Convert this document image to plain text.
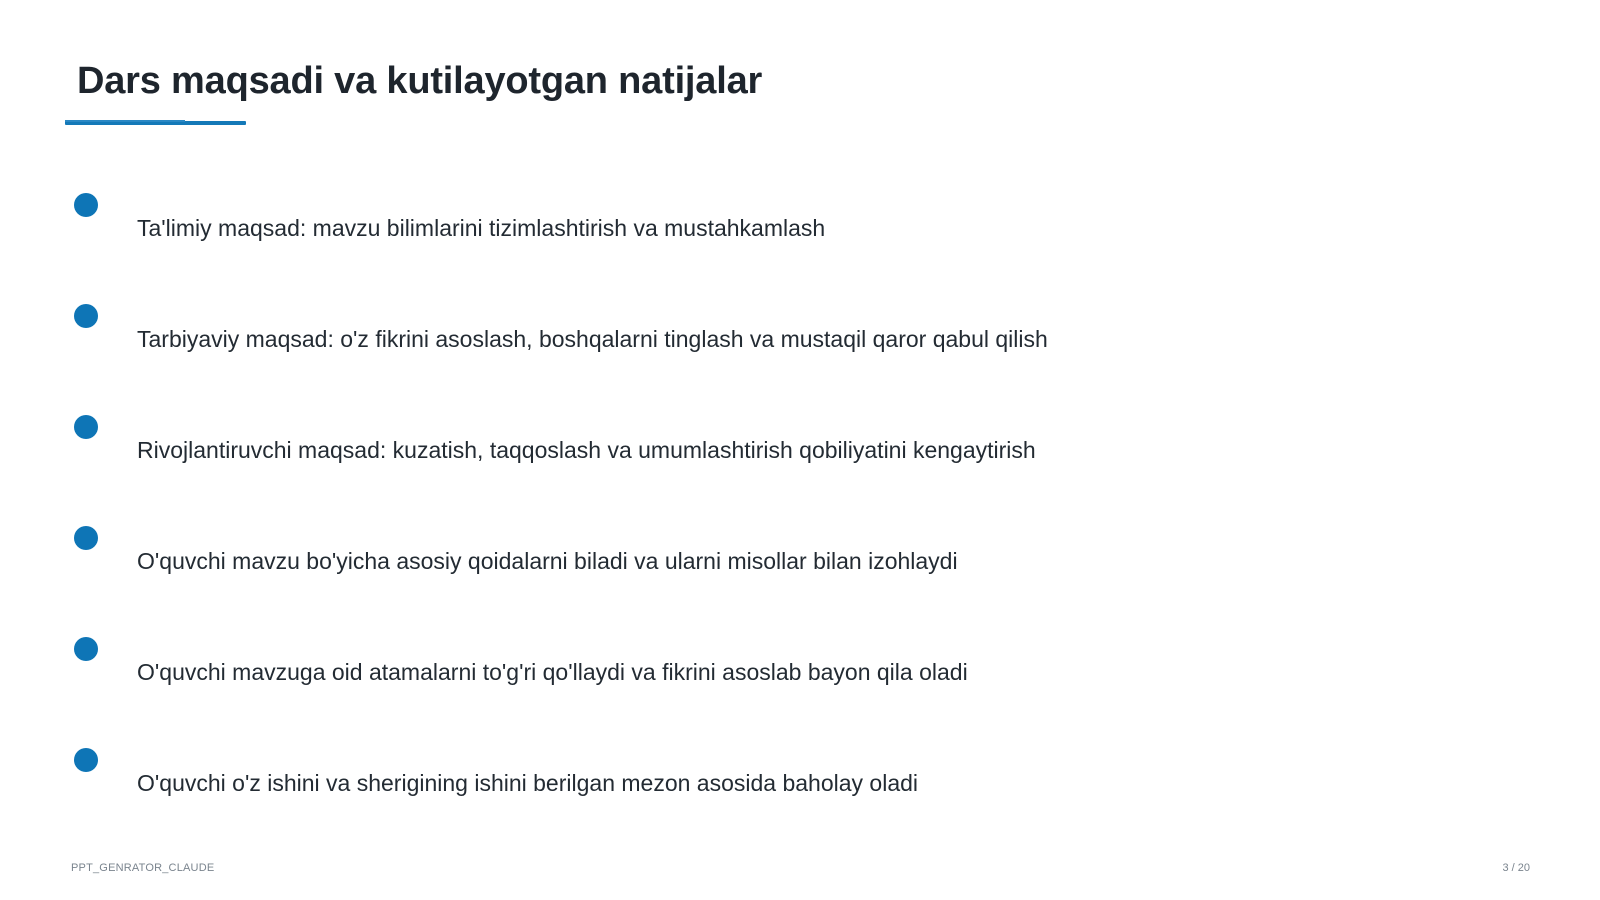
Dars maqsadi va kutilayotgan natijalar
Ta'limiy maqsad: mavzu bilimlarini tizimlashtirish va mustahkamlash
Tarbiyaviy maqsad: o'z fikrini asoslash, boshqalarni tinglash va mustaqil qaror qabul qilish
Rivojlantiruvchi maqsad: kuzatish, taqqoslash va umumlashtirish qobiliyatini kengaytirish
O'quvchi mavzu bo'yicha asosiy qoidalarni biladi va ularni misollar bilan izohlaydi
O'quvchi mavzuga oid atamalarni to'g'ri qo'llaydi va fikrini asoslab bayon qila oladi
O'quvchi o'z ishini va sherigining ishini berilgan mezon asosida baholay oladi
PPT_GENRATOR_CLAUDE	3 / 20
